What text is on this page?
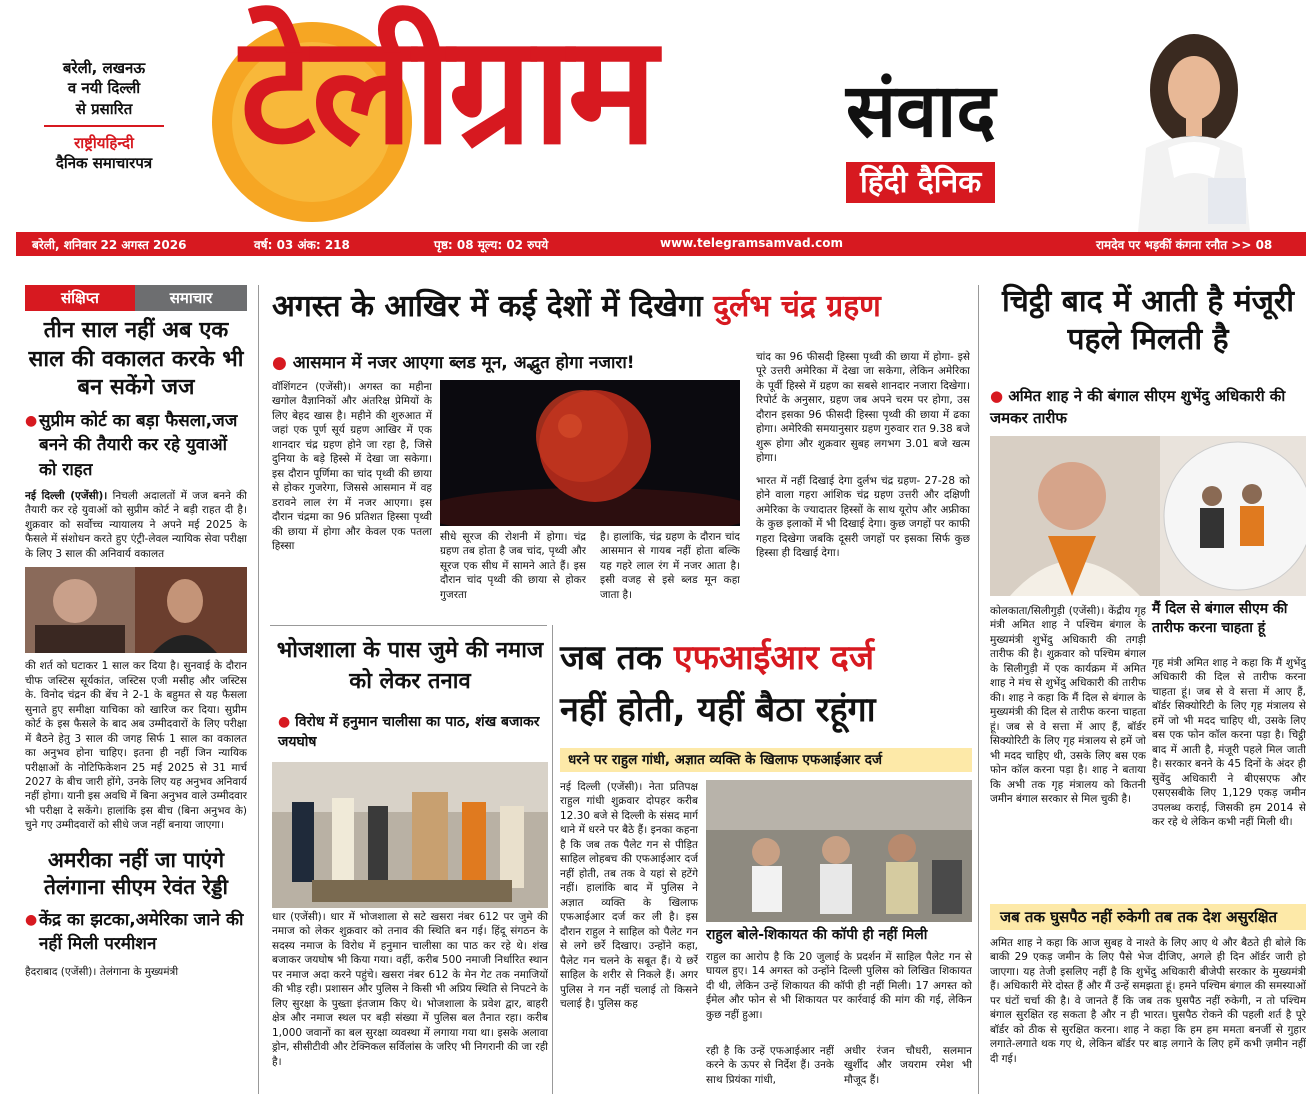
बरेली, लखनऊ
व नयी दिल्ली
से प्रसारित
राष्ट्रीयहिन्दी
दैनिक समाचारपत्र टेलीग्राम	संवाद
हिंदी दैनिक
बरेली, शनिवार 22 अगस्त 2026	वर्ष: 03 अंक: 218	पृष्ठ: 08 मूल्य: 02 रुपये	www.telegramsamvad.com	रामदेव पर भड़कीं कंगना रनौत >> 08
संक्षिप्त	समाचार
तीन साल नहीं अब एक साल की वकालत करके भी बन सकेंगे जज
● सुप्रीम कोर्ट का बड़ा फैसला,जज बनने की तैयारी कर रहे युवाओं को राहत
नई दिल्ली (एजेंसी)। निचली अदालतों में जज बनने की तैयारी कर रहे युवाओं को सुप्रीम कोर्ट ने बड़ी राहत दी है। शुक्रवार को सर्वोच्च न्यायालय ने अपने मई 2025 के फैसले में संशोधन करते हुए एंट्री-लेवल न्यायिक सेवा परीक्षा के लिए 3 साल की अनिवार्य वकालत
की शर्त को घटाकर 1 साल कर दिया है। सुनवाई के दौरान चीफ जस्टिस सूर्यकांत, जस्टिस एजी मसीह और जस्टिस के. विनोद चंद्रन की बेंच ने 2-1 के बहुमत से यह फैसला सुनाते हुए समीक्षा याचिका को खारिज कर दिया। सुप्रीम कोर्ट के इस फैसले के बाद अब उम्मीदवारों के लिए परीक्षा में बैठने हेतु 3 साल की जगह सिर्फ 1 साल का वकालत का अनुभव होना चाहिए। इतना ही नहीं जिन न्यायिक परीक्षाओं के नोटिफिकेशन 25 मई 2025 से 31 मार्च 2027 के बीच जारी होंगे, उनके लिए यह अनुभव अनिवार्य नहीं होगा। यानी इस अवधि में बिना अनुभव वाले उम्मीदवार भी परीक्षा दे सकेंगे। हालांकि इस बीच (बिना अनुभव के) चुने गए उम्मीदवारों को सीधे जज नहीं बनाया जाएगा।
अमरीका नहीं जा पाएंगे तेलंगाना सीएम रेवंत रेड्डी
● केंद्र का झटका,अमेरिका जाने की नहीं मिली परमीशन
हैदराबाद (एजेंसी)। तेलंगाना के मुख्यमंत्री
अगस्त के आखिर में कई देशों में दिखेगा दुर्लभ चंद्र ग्रहण
● आसमान में नजर आएगा ब्लड मून, अद्भुत होगा नजारा!
वॉशिंगटन (एजेंसी)। अगस्त का महीना खगोल वैज्ञानिकों और अंतरिक्ष प्रेमियों के लिए बेहद खास है। महीने की शुरुआत में जहां एक पूर्ण सूर्य ग्रहण आखिर में एक शानदार चंद्र ग्रहण होने जा रहा है, जिसे दुनिया के बड़े हिस्से में देखा जा सकेगा। इस दौरान पूर्णिमा का चांद पृथ्वी की छाया से होकर गुजरेगा, जिससे आसमान में वह डरावने लाल रंग में नजर आएगा। इस दौरान चंद्रमा का 96 प्रतिशत हिस्सा पृथ्वी की छाया में होगा और केवल एक पतला हिस्सा
सीधे सूरज की रोशनी में होगा। चंद्र ग्रहण तब होता है जब चांद, पृथ्वी और सूरज एक सीध में सामने आते हैं। इस दौरान चांद पृथ्वी की छाया से होकर गुजरता
है। हालांकि, चंद्र ग्रहण के दौरान चांद आसमान से गायब नहीं होता बल्कि यह गहरे लाल रंग में नजर आता है। इसी वजह से इसे ब्लड मून कहा जाता है।
चांद का 96 फीसदी हिस्सा पृथ्वी की छाया में होगा- इसे पूरे उत्तरी अमेरिका में देखा जा सकेगा, लेकिन अमेरिका के पूर्वी हिस्से में ग्रहण का सबसे शानदार नजारा दिखेगा। रिपोर्ट के अनुसार, ग्रहण जब अपने चरम पर होगा, उस दौरान इसका 96 फीसदी हिस्सा पृथ्वी की छाया में ढका होगा। अमेरिकी समयानुसार ग्रहण गुरुवार रात 9.38 बजे शुरू होगा और शुक्रवार सुबह लगभग 3.01 बजे खत्म होगा।
भारत में नहीं दिखाई देगा दुर्लभ चंद्र ग्रहण- 27-28 को होने वाला गहरा आंशिक चंद्र ग्रहण उत्तरी और दक्षिणी अमेरिका के ज्यादातर हिस्सों के साथ यूरोप और अफ्रीका के कुछ इलाकों में भी दिखाई देगा। कुछ जगहों पर काफी गहरा दिखेगा जबकि दूसरी जगहों पर इसका सिर्फ कुछ हिस्सा ही दिखाई देगा।
चिट्ठी बाद में आती है मंजूरी पहले मिलती है
● अमित शाह ने की बंगाल सीएम शुभेंदु अधिकारी की जमकर तारीफ
कोलकाता/सिलीगुड़ी (एजेंसी)। केंद्रीय गृह मंत्री अमित शाह ने पश्चिम बंगाल के मुख्यमंत्री शुभेंदु अधिकारी की तगड़ी तारीफ की है। शुक्रवार को पश्चिम बंगाल के सिलीगुड़ी में एक कार्यक्रम में अमित शाह ने मंच से शुभेंदु अधिकारी की तारीफ की। शाह ने कहा कि मैं दिल से बंगाल के मुख्यमंत्री की दिल से तारीफ करना चाहता हूं। जब से वे सत्ता में आए हैं, बॉर्डर सिक्योरिटी के लिए गृह मंत्रालय से हमें जो भी मदद चाहिए थी, उसके लिए बस एक फोन कॉल करना पड़ा है। शाह ने बताया कि अभी तक गृह मंत्रालय को कितनी जमीन बंगाल सरकार से मिल चुकी है।
मैं दिल से बंगाल सीएम की तारीफ करना चाहता हूं
गृह मंत्री अमित शाह ने कहा कि मैं शुभेंदु अधिकारी की दिल से तारीफ करना चाहता हूं। जब से वे सत्ता में आए हैं, बॉर्डर सिक्योरिटी के लिए गृह मंत्रालय से हमें जो भी मदद चाहिए थी, उसके लिए बस एक फोन कॉल करना पड़ा है। चिट्ठी बाद में आती है, मंजूरी पहले मिल जाती है। सरकार बनने के 45 दिनों के अंदर ही सुवेंदु अधिकारी ने बीएसएफ और एसएसबीके लिए 1,129 एकड़ जमीन उपलब्ध कराई, जिसकी हम 2014 से कर रहे थे लेकिन कभी नहीं मिली थी।
जब तक घुसपैठ नहीं रुकेगी तब तक देश असुरक्षित
अमित शाह ने कहा कि आज सुबह वे नाश्ते के लिए आए थे और बैठते ही बोले कि बाकी 29 एकड़ जमीन के लिए पैसे भेज दीजिए, अगले ही दिन ऑर्डर जारी हो जाएगा। यह तेजी इसलिए नहीं है कि शुभेंदु अधिकारी बीजेपी सरकार के मुख्यमंत्री हैं। अधिकारी मेरे दोस्त हैं और मैं उन्हें समझता हूं। हमने पश्चिम बंगाल की समस्याओं पर घंटों चर्चा की है। वे जानते हैं कि जब तक घुसपैठ नहीं रुकेगी, न तो पश्चिम बंगाल सुरक्षित रह सकता है और न ही भारत। घुसपैठ रोकने की पहली शर्त है पूरे बॉर्डर को ठीक से सुरक्षित करना। शाह ने कहा कि हम हम ममता बनर्जी से गुहार लगाते-लगाते थक गए थे, लेकिन बॉर्डर पर बाड़ लगाने के लिए हमें कभी ज़मीन नहीं दी गई।
भोजशाला के पास जुमे की नमाज को लेकर तनाव
● विरोध में हनुमान चालीसा का पाठ, शंख बजाकर जयघोष
धार (एजेंसी)। धार में भोजशाला से सटे खसरा नंबर 612 पर जुमे की नमाज को लेकर शुक्रवार को तनाव की स्थिति बन गई। हिंदू संगठन के सदस्य नमाज के विरोध में हनुमान चालीसा का पाठ कर रहे थे। शंख बजाकर जयघोष भी किया गया। वहीं, करीब 500 नमाजी निर्धारित स्थान पर नमाज अदा करने पहुंचे। खसरा नंबर 612 के मेन गेट तक नमाजियों की भीड़ रही। प्रशासन और पुलिस ने किसी भी अप्रिय स्थिति से निपटने के लिए सुरक्षा के पुख्ता इंतजाम किए थे। भोजशाला के प्रवेश द्वार, बाहरी क्षेत्र और नमाज स्थल पर बड़ी संख्या में पुलिस बल तैनात रहा। करीब 1,000 जवानों का बल सुरक्षा व्यवस्था में लगाया गया था। इसके अलावा ड्रोन, सीसीटीवी और टेक्निकल सर्विलांस के जरिए भी निगरानी की जा रही है।
जब तक एफआईआर दर्ज
नहीं होती, यहीं बैठा रहूंगा
धरने पर राहुल गांधी, अज्ञात व्यक्ति के खिलाफ एफआईआर दर्ज
नई दिल्ली (एजेंसी)। नेता प्रतिपक्ष राहुल गांधी शुक्रवार दोपहर करीब 12.30 बजे से दिल्ली के संसद मार्ग थाने में धरने पर बैठे हैं। इनका कहना है कि जब तक पैलेट गन से पीड़ित साहिल लोहबच की एफआईआर दर्ज नहीं होती, तब तक वे यहां से हटेंगे नहीं। हालांकि बाद में पुलिस ने अज्ञात व्यक्ति के खिलाफ एफआईआर दर्ज कर ली है। इस दौरान राहुल ने साहिल को पैलेट गन से लगे छर्रे दिखाए। उन्होंने कहा, पैलेट गन चलने के सबूत हैं। ये छर्रे साहिल के शरीर से निकले हैं। अगर पुलिस ने गन नहीं चलाई तो किसने चलाई है। पुलिस कह
राहुल बोले-शिकायत की कॉपी ही नहीं मिली
राहुल का आरोप है कि 20 जुलाई के प्रदर्शन में साहिल पैलेट गन से घायल हुए। 14 अगस्त को उन्होंने दिल्ली पुलिस को लिखित शिकायत दी थी, लेकिन उन्हें शिकायत की कॉपी ही नहीं मिली। 17 अगस्त को ईमेल और फोन से भी शिकायत पर कार्रवाई की मांग की गई, लेकिन कुछ नहीं हुआ।
रही है कि उन्हें एफआईआर नहीं करने के ऊपर से निर्देश हैं। उनके साथ प्रियंका गांधी,
अधीर रंजन चौधरी, सलमान खुर्शीद और जयराम रमेश भी मौजूद हैं।
